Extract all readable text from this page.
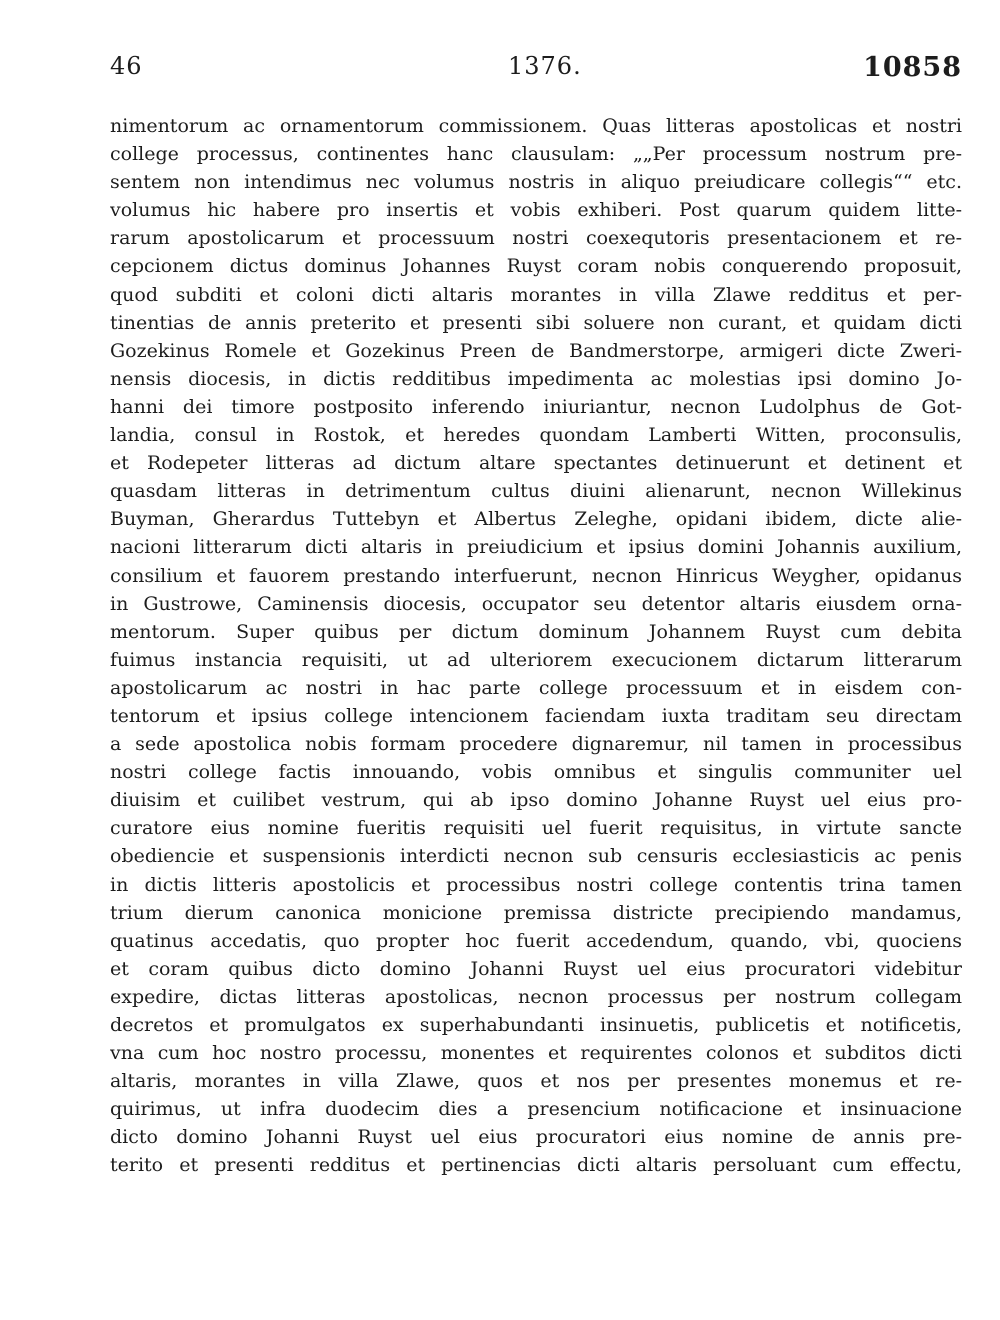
46	1376.	10858
nimentorum ac ornamentorum commissionem. Quas litteras apostolicas et nostri
college processus, continentes hanc clausulam: „„Per processum nostrum pre-
sentem non intendimus nec volumus nostris in aliquo preiudicare collegis““ etc.
volumus hic habere pro insertis et vobis exhiberi. Post quarum quidem litte-
rarum apostolicarum et processuum nostri coexequtoris presentacionem et re-
cepcionem dictus dominus Johannes Ruyst coram nobis conquerendo proposuit,
quod subditi et coloni dicti altaris morantes in villa Zlawe redditus et per-
tinentias de annis preterito et presenti sibi soluere non curant, et quidam dicti
Gozekinus Romele et Gozekinus Preen de Bandmerstorpe, armigeri dicte Zweri-
nensis diocesis, in dictis redditibus impedimenta ac molestias ipsi domino Jo-
hanni dei timore postposito inferendo iniuriantur, necnon Ludolphus de Got-
landia, consul in Rostok, et heredes quondam Lamberti Witten, proconsulis,
et Rodepeter litteras ad dictum altare spectantes detinuerunt et detinent et
quasdam litteras in detrimentum cultus diuini alienarunt, necnon Willekinus
Buyman, Gherardus Tuttebyn et Albertus Zeleghe, opidani ibidem, dicte alie-
nacioni litterarum dicti altaris in preiudicium et ipsius domini Johannis auxilium,
consilium et fauorem prestando interfuerunt, necnon Hinricus Weygher, opidanus
in Gustrowe, Caminensis diocesis, occupator seu detentor altaris eiusdem orna-
mentorum. Super quibus per dictum dominum Johannem Ruyst cum debita
fuimus instancia requisiti, ut ad ulteriorem execucionem dictarum litterarum
apostolicarum ac nostri in hac parte college processuum et in eisdem con-
tentorum et ipsius college intencionem faciendam iuxta traditam seu directam
a sede apostolica nobis formam procedere dignaremur, nil tamen in processibus
nostri college factis innouando, vobis omnibus et singulis communiter uel
diuisim et cuilibet vestrum, qui ab ipso domino Johanne Ruyst uel eius pro-
curatore eius nomine fueritis requisiti uel fuerit requisitus, in virtute sancte
obediencie et suspensionis interdicti necnon sub censuris ecclesiasticis ac penis
in dictis litteris apostolicis et processibus nostri college contentis trina tamen
trium dierum canonica monicione premissa districte precipiendo mandamus,
quatinus accedatis, quo propter hoc fuerit accedendum, quando, vbi, quociens
et coram quibus dicto domino Johanni Ruyst uel eius procuratori videbitur
expedire, dictas litteras apostolicas, necnon processus per nostrum collegam
decretos et promulgatos ex superhabundanti insinuetis, publicetis et notificetis,
vna cum hoc nostro processu, monentes et requirentes colonos et subditos dicti
altaris, morantes in villa Zlawe, quos et nos per presentes monemus et re-
quirimus, ut infra duodecim dies a presencium notificacione et insinuacione
dicto domino Johanni Ruyst uel eius procuratori eius nomine de annis pre-
terito et presenti redditus et pertinencias dicti altaris persoluant cum effectu,
